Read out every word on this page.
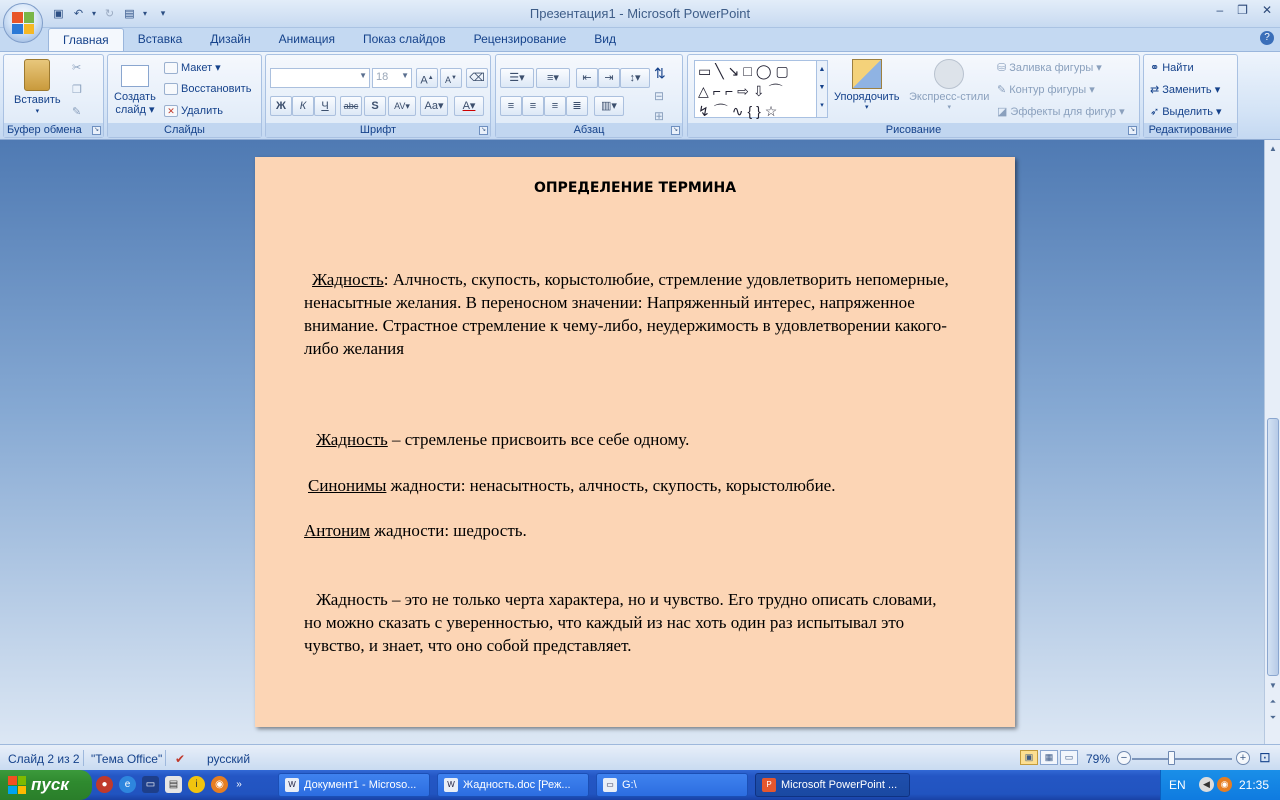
▣ ↶	▾ ↻ ▤	▾	▾	Презентация1 - Microsoft PowerPoint	– ❐ ✕
Главная	Вставка	Дизайн	Анимация	Показ слайдов	Рецензирование	Вид	?
Вставить
▾
✂
❐
✎
Буфер обмена	↘
Создать
слайд ▾
Макет ▾
Восстановить
✕ Удалить
Слайды
▼ 18 ▼	A▲	A▼	⌫
Ж	К	Ч	abc	S	AV▾	Aa▾	A▾
Шрифт	↘
☰▾	≡▾	⇤	⇥	↕▾ ⇅
≡	≡	≡	≣	▥▾
⊟
⊞
Абзац	↘
▭╲↘□◯▢
△⌐⌐⇨⇩⌒
↯⌒∿{}☆
▲
▼
▾
Упорядочить
▾
Экспресс-стили
▾
⛁ Заливка фигуры ▾
✎ Контур фигуры ▾
◪ Эффекты для фигур ▾
Рисование	↘
⚭ Найти
⇄ Заменить ▾
➶ Выделить ▾
Редактирование
▲
▼
⏶
⏷
ОПРЕДЕЛЕНИЕ ТЕРМИНА

Жадность: Алчность, скупость, корыстолюбие, стремление удовлетворить непомерные, ненасытные желания. В переносном значении: Напряженный интерес, напряженное внимание. Страстное стремление к чему-либо, неудержимость в удовлетворении какого-либо желания

Жадность – стремленье присвоить все себе одному.

Синонимы жадности: ненасытность, алчность, скупость, корыстолюбие.

Антоним жадности: шедрость.

Жадность – это не только черта характера, но и чувство. Его трудно описать словами, но можно сказать с уверенностью, что каждый из нас хоть один раз испытывал это чувство, и знает, что оно собой представляет.

Слайд 2 из 2 "Тема Office" ✔ русский	▣	▦	▭	79% −	+ ⊡
пуск	●	e	▭	▤	i	◉	»	W Документ1 - Microso...	W Жадность.doc [Реж...	▭ G:\	P Microsoft PowerPoint ...	EN	◀	◉ 21:35
